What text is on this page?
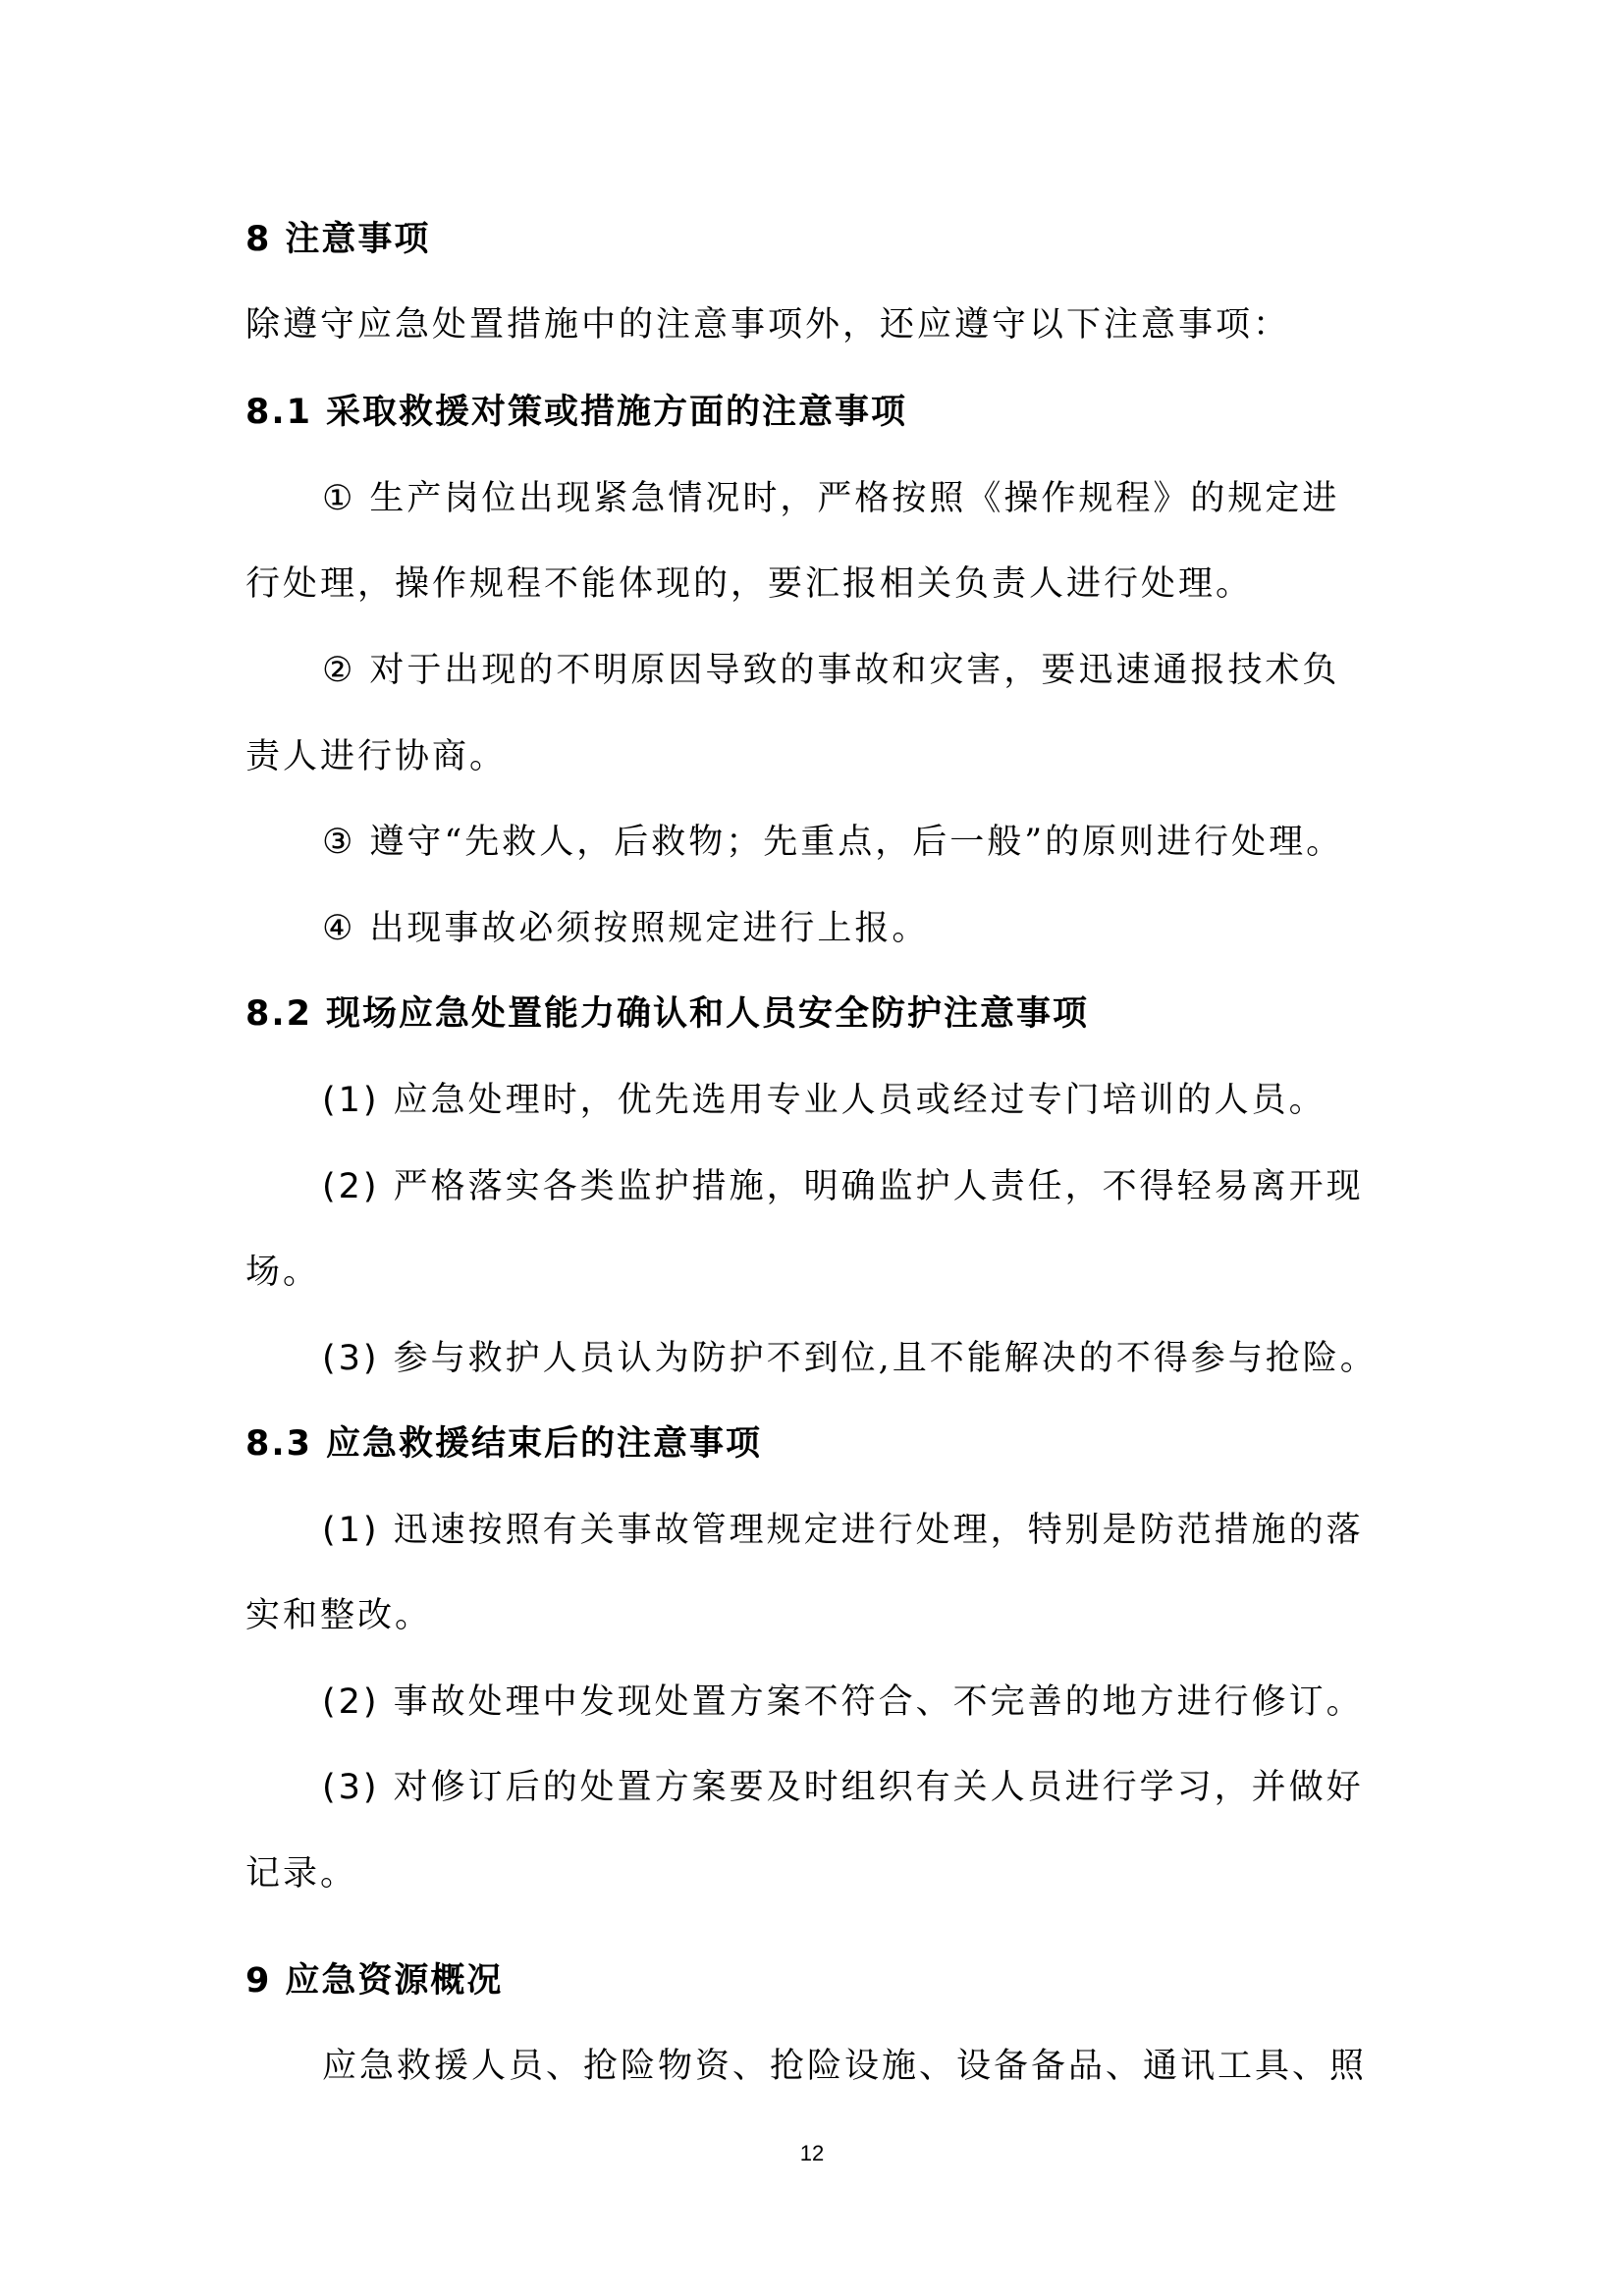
8 注意事项
除遵守应急处置措施中的注意事项外，还应遵守以下注意事项：
8.1 采取救援对策或措施方面的注意事项
① 生产岗位出现紧急情况时，严格按照《操作规程》的规定进
行处理，操作规程不能体现的，要汇报相关负责人进行处理。
② 对于出现的不明原因导致的事故和灾害，要迅速通报技术负
责人进行协商。
③ 遵守“先救人，后救物；先重点，后一般”的原则进行处理。
④ 出现事故必须按照规定进行上报。
8.2 现场应急处置能力确认和人员安全防护注意事项
(1) 应急处理时，优先选用专业人员或经过专门培训的人员。
(2) 严格落实各类监护措施，明确监护人责任，不得轻易离开现
场。
(3) 参与救护人员认为防护不到位,且不能解决的不得参与抢险。
8.3 应急救援结束后的注意事项
(1) 迅速按照有关事故管理规定进行处理，特别是防范措施的落
实和整改。
(2) 事故处理中发现处置方案不符合、不完善的地方进行修订。
(3) 对修订后的处置方案要及时组织有关人员进行学习，并做好
记录。
9 应急资源概况
应急救援人员、抢险物资、抢险设施、设备备品、通讯工具、照
12
